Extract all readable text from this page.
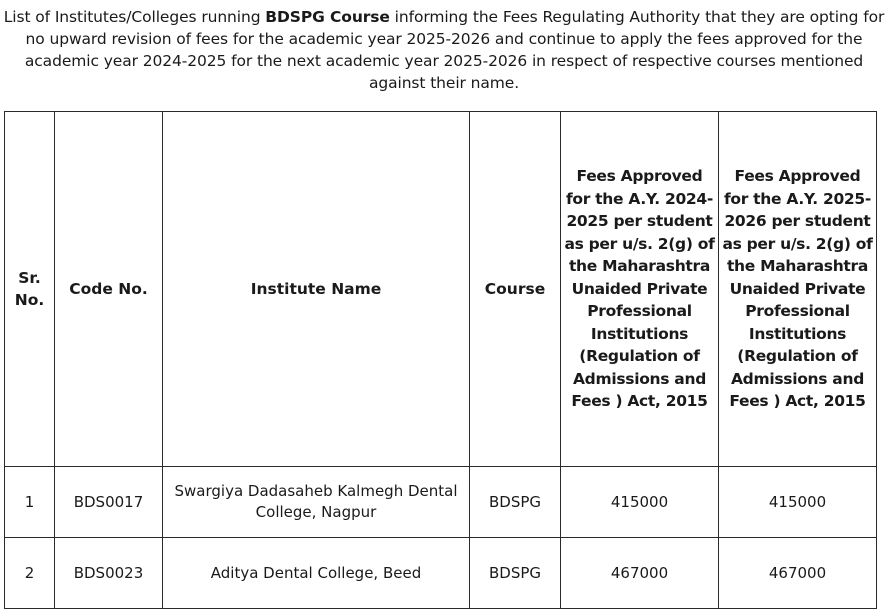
List of Institutes/Colleges running BDSPG Course informing the Fees Regulating Authority that they are opting for no upward revision of fees for the academic year 2025-2026 and continue to apply the fees approved for the academic year 2024-2025 for the next academic year 2025-2026 in respect of respective courses mentioned against their name.
Sr. No.	Code No.	Institute Name	Course	Fees Approved for the A.Y. 2024-2025 per student as per u/s. 2(g) of the Maharashtra Unaided Private Professional Institutions (Regulation of Admissions and Fees ) Act, 2015	Fees Approved for the A.Y. 2025-2026 per student as per u/s. 2(g) of the Maharashtra Unaided Private Professional Institutions (Regulation of Admissions and Fees ) Act, 2015
1	BDS0017	Swargiya Dadasaheb Kalmegh Dental College, Nagpur	BDSPG	415000	415000
2	BDS0023	Aditya Dental College, Beed	BDSPG	467000	467000
